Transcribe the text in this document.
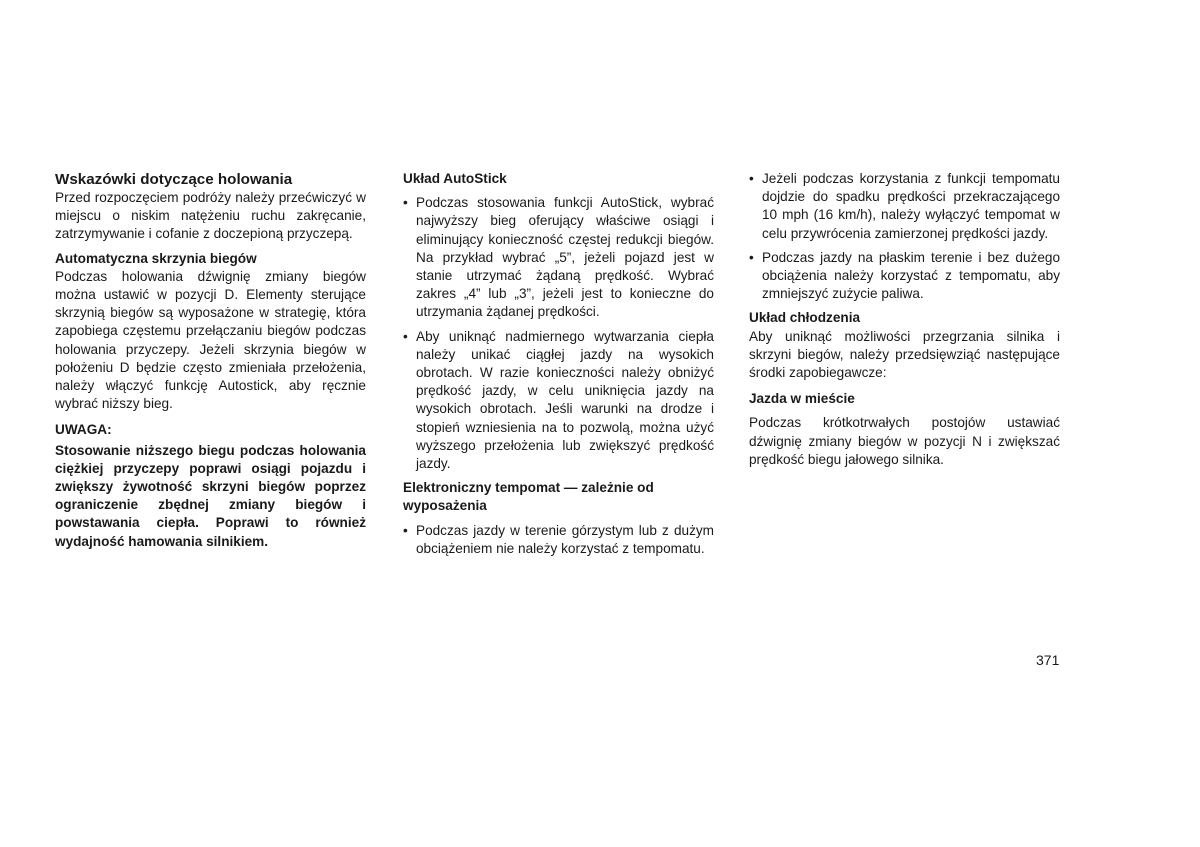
Wskazówki dotyczące holowania

Przed rozpoczęciem podróży należy przećwiczyć w miejscu o niskim natężeniu ruchu zakręcanie, zatrzymywanie i cofanie z doczepioną przyczepą.

Automatyczna skrzynia biegów

Podczas holowania dźwignię zmiany biegów można ustawić w pozycji D. Elementy sterujące skrzynią biegów są wyposażone w strategię, która zapobiega częstemu przełączaniu biegów podczas holowania przyczepy. Jeżeli skrzynia biegów w położeniu D będzie często zmieniała przełożenia, należy włączyć funkcję Autostick, aby ręcznie wybrać niższy bieg.

UWAGA:

Stosowanie niższego biegu podczas holowania ciężkiej przyczepy poprawi osiągi pojazdu i zwiększy żywotność skrzyni biegów poprzez ograniczenie zbędnej zmiany biegów i powstawania ciepła. Poprawi to również wydajność hamowania silnikiem.

Układ AutoStick
• Podczas stosowania funkcji AutoStick, wybrać najwyższy bieg oferujący właściwe osiągi i eliminujący konieczność częstej redukcji biegów. Na przykład wybrać „5”, jeżeli pojazd jest w stanie utrzymać żądaną prędkość. Wybrać zakres „4” lub „3”, jeżeli jest to konieczne do utrzymania żądanej prędkości.
• Aby uniknąć nadmiernego wytwarzania ciepła należy unikać ciągłej jazdy na wysokich obrotach. W razie konieczności należy obniżyć prędkość jazdy, w celu uniknięcia jazdy na wysokich obrotach. Jeśli warunki na drodze i stopień wzniesienia na to pozwolą, można użyć wyższego przełożenia lub zwiększyć prędkość jazdy.
Elektroniczny tempomat — zależnie od wyposażenia
• Podczas jazdy w terenie górzystym lub z dużym obciążeniem nie należy korzystać z tempomatu.
• Jeżeli podczas korzystania z funkcji tempomatu dojdzie do spadku prędkości przekraczającego 10 mph (16 km/h), należy wyłączyć tempomat w celu przywrócenia zamierzonej prędkości jazdy.
• Podczas jazdy na płaskim terenie i bez dużego obciążenia należy korzystać z tempomatu, aby zmniejszyć zużycie paliwa.
Układ chłodzenia

Aby uniknąć możliwości przegrzania silnika i skrzyni biegów, należy przedsięwziąć następujące środki zapobiegawcze:

Jazda w mieście

Podczas krótkotrwałych postojów ustawiać dźwignię zmiany biegów w pozycji N i zwiększać prędkość biegu jałowego silnika.

371
